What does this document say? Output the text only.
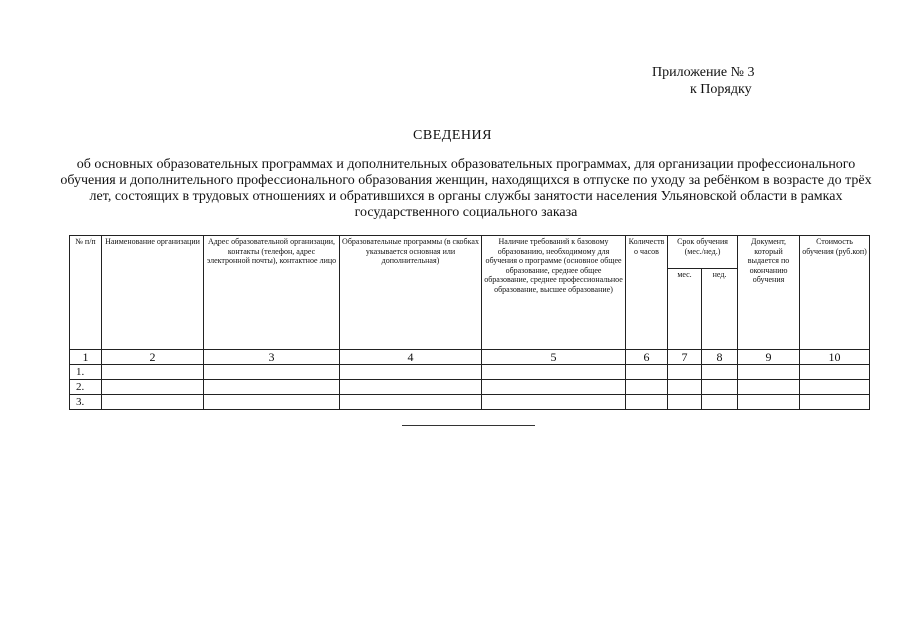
Приложение № 3
к Порядку
СВЕДЕНИЯ
об основных образовательных программах и дополнительных образовательных программах, для организации профессионального обучения и дополнительного профессионального образования женщин, находящихся в отпуске по уходу за ребёнком в возрасте до трёх лет, состоящих в трудовых отношениях и обратившихся в органы службы занятости населения Ульяновской области в рамках государственного социального заказа
№ п/п	Наименование организации	Адрес образовательной организации, контакты (телефон, адрес электронной почты), контактное лицо	Образовательные программы (в скобках указывается основная или дополнительная)	Наличие требований к базовому образованию, необходимому для обучения о программе (основное общее образование, среднее общее образование, среднее профессиональное образование, высшее образование)	Количество часов	Срок обучения (мес./нед.)		Документ, который выдается по окончанию обучения	Стоимость обучения (руб.коп)
						мес.	нед.		
1	2	3	4	5	6	7	8	9	10
1.									
2.									
3.									
